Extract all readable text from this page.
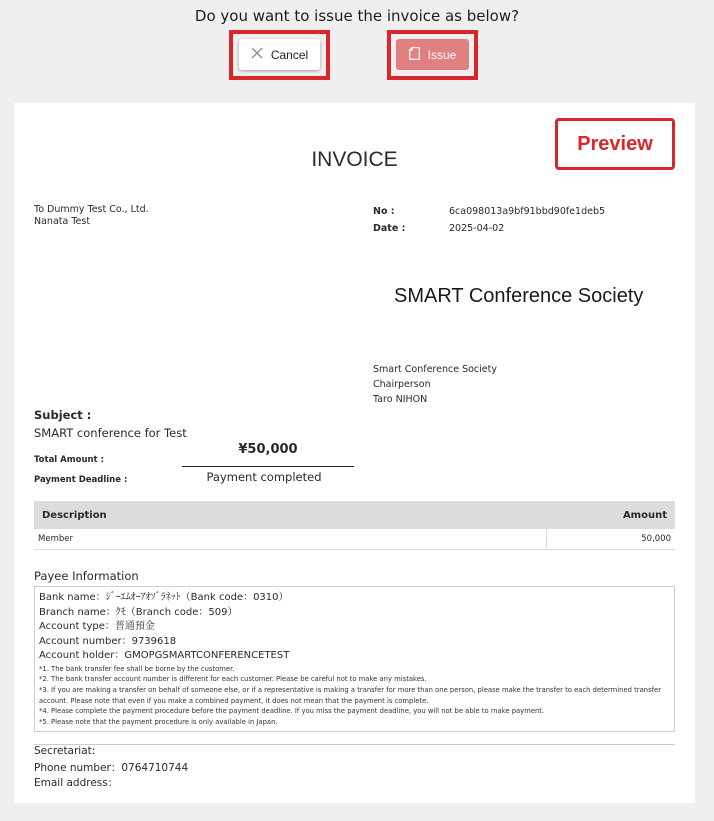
Do you want to issue the invoice as below?
Cancel	Issue
Preview
INVOICE
To Dummy Test Co., Ltd.
Nanata Test
No :	6ca098013a9bf91bbd90fe1deb5
Date :	2025-04-02
SMART Conference Society
Smart Conference Society
Chairperson
Taro NIHON
Subject :
SMART conference for Test
Total Amount :
¥50,000
Payment Deadline :	Payment completed
Description	Amount
Member	50,000
Payee Information
Bank name：ｼﾞｰｴﾑｵｰｱｵｿﾞﾗﾈｯﾄ（Bank code：0310）
Branch name：ｸﾓ（Branch code：509）
Account type：普通預金
Account number：9739618
Account holder：GMOPGSMARTCONFERENCETEST
*1. The bank transfer fee shall be borne by the customer.
*2. The bank transfer account number is different for each customer. Please be careful not to make any mistakes.
*3. If you are making a transfer on behalf of someone else, or if a representative is making a transfer for more than one person, please make the transfer to each determined transfer account. Please note that even if you make a combined payment, it does not mean that the payment is complete.
*4. Please complete the payment procedure before the payment deadline. If you miss the payment deadline, you will not be able to make payment.
*5. Please note that the payment procedure is only available in Japan.
Secretariat:
Phone number：0764710744
Email address：
